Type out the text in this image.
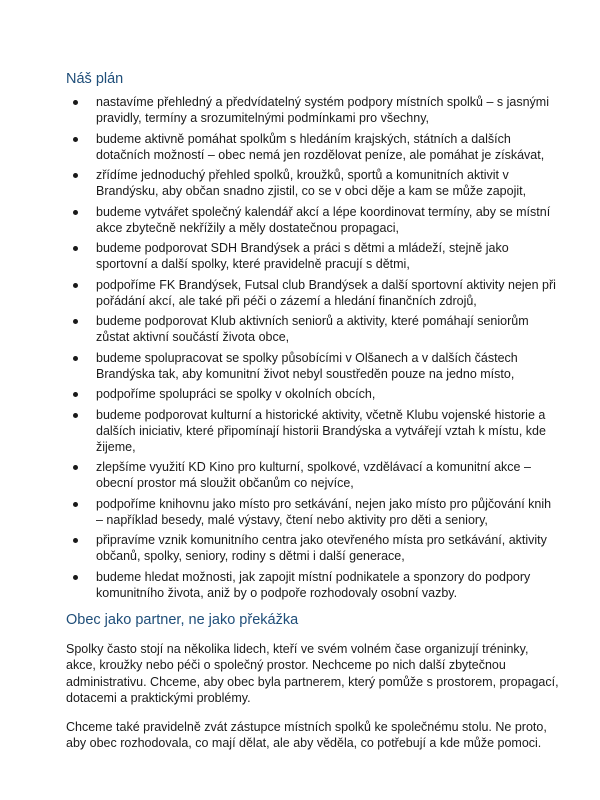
Náš plán
nastavíme přehledný a předvídatelný systém podpory místních spolků – s jasnými pravidly, termíny a srozumitelnými podmínkami pro všechny,
budeme aktivně pomáhat spolkům s hledáním krajských, státních a dalších dotačních možností – obec nemá jen rozdělovat peníze, ale pomáhat je získávat,
zřídíme jednoduchý přehled spolků, kroužků, sportů a komunitních aktivit v Brandýsku, aby občan snadno zjistil, co se v obci děje a kam se může zapojit,
budeme vytvářet společný kalendář akcí a lépe koordinovat termíny, aby se místní akce zbytečně nekřížily a měly dostatečnou propagaci,
budeme podporovat SDH Brandýsek a práci s dětmi a mládeží, stejně jako sportovní a další spolky, které pravidelně pracují s dětmi,
podpoříme FK Brandýsek, Futsal club Brandýsek a další sportovní aktivity nejen při pořádání akcí, ale také při péči o zázemí a hledání finančních zdrojů,
budeme podporovat Klub aktivních seniorů a aktivity, které pomáhají seniorům zůstat aktivní součástí života obce,
budeme spolupracovat se spolky působícími v Olšanech a v dalších částech Brandýska tak, aby komunitní život nebyl soustředěn pouze na jedno místo,
podpoříme spolupráci se spolky v okolních obcích,
budeme podporovat kulturní a historické aktivity, včetně Klubu vojenské historie a dalších iniciativ, které připomínají historii Brandýska a vytvářejí vztah k místu, kde žijeme,
zlepšíme využití KD Kino pro kulturní, spolkové, vzdělávací a komunitní akce – obecní prostor má sloužit občanům co nejvíce,
podpoříme knihovnu jako místo pro setkávání, nejen jako místo pro půjčování knih – například besedy, malé výstavy, čtení nebo aktivity pro děti a seniory,
připravíme vznik komunitního centra jako otevřeného místa pro setkávání, aktivity občanů, spolky, seniory, rodiny s dětmi i další generace,
budeme hledat možnosti, jak zapojit místní podnikatele a sponzory do podpory komunitního života, aniž by o podpoře rozhodovaly osobní vazby.
Obec jako partner, ne jako překážka

Spolky často stojí na několika lidech, kteří ve svém volném čase organizují tréninky, akce, kroužky nebo péči o společný prostor. Nechceme po nich další zbytečnou administrativu. Chceme, aby obec byla partnerem, který pomůže s prostorem, propagací, dotacemi a praktickými problémy.

Chceme také pravidelně zvát zástupce místních spolků ke společnému stolu. Ne proto, aby obec rozhodovala, co mají dělat, ale aby věděla, co potřebují a kde může pomoci.
